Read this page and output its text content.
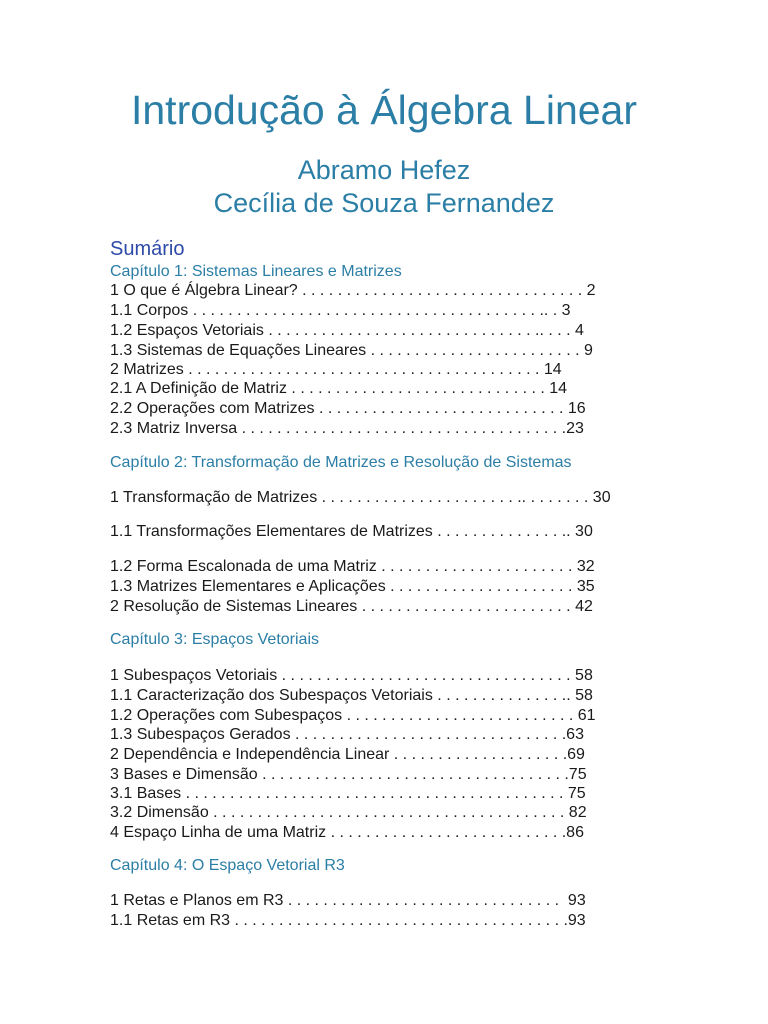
Introdução à Álgebra Linear
Abramo Hefez
Cecília de Souza Fernandez
Sumário
Capítulo 1: Sistemas Lineares e Matrizes
1 O que é Álgebra Linear? . . . . . . . . . . . . . . . . . . . . . . . . . . . . . . . . 2
1.1 Corpos . . . . . . . . . . . . . . . . . . . . . . . . . . . . . . . . . . . . . . . .. . 3
1.2 Espaços Vetoriais . . . . . . . . . . . . . . . . . . . . . . . . . . . . . . .. . . . 4
1.3 Sistemas de Equações Lineares . . . . . . . . . . . . . . . . . . . . . . . . 9
2 Matrizes . . . . . . . . . . . . . . . . . . . . . . . . . . . . . . . . . . . . . . . . 14
2.1 A Definição de Matriz . . . . . . . . . . . . . . . . . . . . . . . . . . . . . 14
2.2 Operações com Matrizes . . . . . . . . . . . . . . . . . . . . . . . . . . . . 16
2.3 Matriz Inversa . . . . . . . . . . . . . . . . . . . . . . . . . . . . . . . . . . . . .23
Capítulo 2: Transformação de Matrizes e Resolução de Sistemas
1 Transformação de Matrizes . . . . . . . . . . . . . . . . . . . . . . .. . . . . . . . 30
1.1 Transformações Elementares de Matrizes . . . . . . . . . . . . . . .. 30
1.2 Forma Escalonada de uma Matriz . . . . . . . . . . . . . . . . . . . . . . 32
1.3 Matrizes Elementares e Aplicações . . . . . . . . . . . . . . . . . . . . . 35
2 Resolução de Sistemas Lineares . . . . . . . . . . . . . . . . . . . . . . . . 42
Capítulo 3: Espaços Vetoriais
1 Subespaços Vetoriais . . . . . . . . . . . . . . . . . . . . . . . . . . . . . . . . . 58
1.1 Caracterização dos Subespaços Vetoriais . . . . . . . . . . . . . . .. 58
1.2 Operações com Subespaços . . . . . . . . . . . . . . . . . . . . . . . . . . 61
1.3 Subespaços Gerados . . . . . . . . . . . . . . . . . . . . . . . . . . . . . . .63
2 Dependência e Independência Linear . . . . . . . . . . . . . . . . . . . .69
3 Bases e Dimensão . . . . . . . . . . . . . . . . . . . . . . . . . . . . . . . . . . .75
3.1 Bases . . . . . . . . . . . . . . . . . . . . . . . . . . . . . . . . . . . . . . . . . . . 75
3.2 Dimensão . . . . . . . . . . . . . . . . . . . . . . . . . . . . . . . . . . . . . . . . 82
4 Espaço Linha de uma Matriz . . . . . . . . . . . . . . . . . . . . . . . . . . .86
Capítulo 4: O Espaço Vetorial R3
1 Retas e Planos em R3 . . . . . . . . . . . . . . . . . . . . . . . . . . . . . . .  93
1.1 Retas em R3 . . . . . . . . . . . . . . . . . . . . . . . . . . . . . . . . . . . . . .93
